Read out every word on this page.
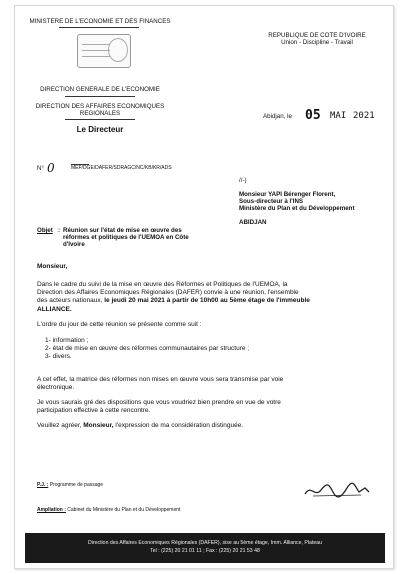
MINISTERE DE L'ECONOMIE ET DES FINANCES
DIRECTION GENERALE DE L'ECONOMIE
DIRECTION DES AFFAIRES ECONOMIQUES
REGIONALES
Le Directeur
REPUBLIQUE DE COTE D'IVOIRE
Union - Discipline - Travail
Abidjan, le 05 MAI 2021
N° 0	MEF/DGE/DAFER/SDRAGC/NC/KB/KR/ADS
//-)
Monsieur YAPI Bérenger Florent,
Sous-directeur à l'INS
Ministère du Plan et du Développement
ABIDJAN
Objet : Réunion sur l'état de mise en œuvre des
réformes et politiques de l'UEMOA en Côte
d'Ivoire
Monsieur,
Dans le cadre du suivi de la mise en œuvre des Réformes et Politiques de l'UEMOA, la
Direction des Affaires Economiques Régionales (DAFER) convie à une réunion, l'ensemble
des acteurs nationaux, le jeudi 20 mai 2021 à partir de 10h00 au 5ème étage de l'immeuble
ALLIANCE.
L'ordre du jour de cette réunion se présente comme suit :
1- information ;
2- état de mise en œuvre des réformes communautaires par structure ;
3- divers.
A cet effet, la matrice des réformes non mises en œuvre vous sera transmise par voie
électronique.
Je vous saurais gré des dispositions que vous voudriez bien prendre en vue de votre
participation effective à cette rencontre.
Veuillez agréer, Monsieur, l'expression de ma considération distinguée.
P.J. : Programme de passage
Ampliation : Cabinet du Ministère du Plan et du Développement
Direction des Affaires Economiques Régionales (DAFER), sise au 5ème étage, Imm. Alliance, Plateau
Tel : (225) 20 21 01 11 ; Fax : (225) 20 21 53 48
